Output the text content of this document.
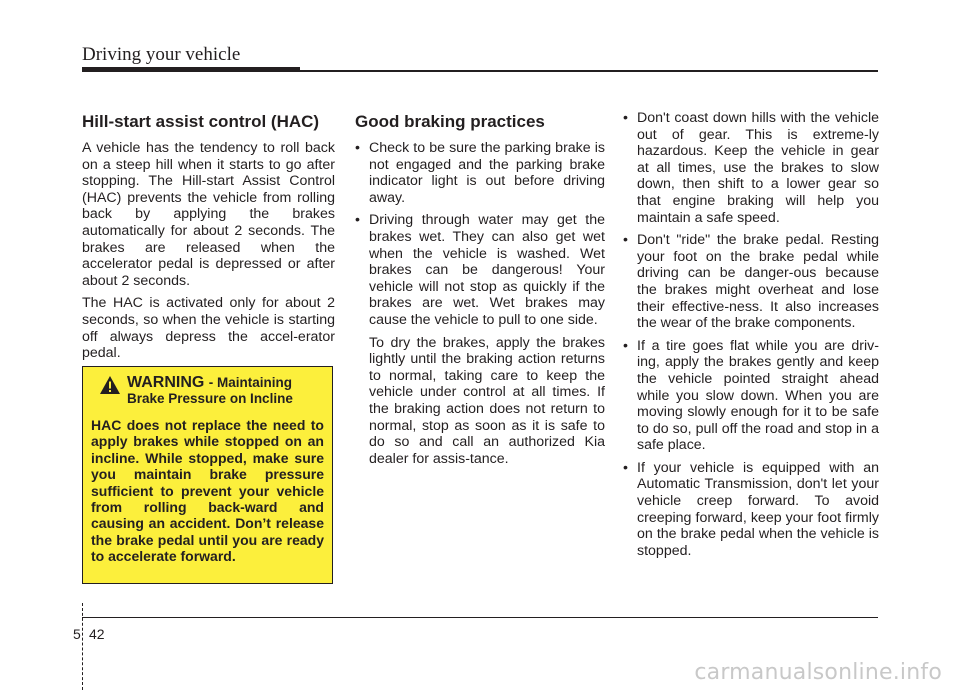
Driving your vehicle
Hill-start assist control (HAC)

A vehicle has the tendency to roll back on a steep hill when it starts to go after stopping. The Hill-start Assist Control (HAC) prevents the vehicle from rolling back by applying the brakes automatically for about 2 seconds. The brakes are released when the accelerator pedal is depressed or after about 2 seconds.

The HAC is activated only for about 2 seconds, so when the vehicle is starting off always depress the accel-erator pedal.

WARNING - Maintaining
Brake Pressure on Incline
HAC does not replace the need to apply brakes while stopped on an incline. While stopped, make sure you maintain brake pressure sufficient to prevent your vehicle from rolling back-ward and causing an accident. Don’t release the brake pedal until you are ready to accelerate forward.
Good braking practices
• Check to be sure the parking brake is not engaged and the parking brake indicator light is out before driving away.
• Driving through water may get the brakes wet. They can also get wet when the vehicle is washed. Wet brakes can be dangerous! Your vehicle will not stop as quickly if the brakes are wet. Wet brakes may cause the vehicle to pull to one side.

To dry the brakes, apply the brakes lightly until the braking action returns to normal, taking care to keep the vehicle under control at all times. If the braking action does not return to normal, stop as soon as it is safe to do so and call an authorized Kia dealer for assis-tance.

• Don't coast down hills with the vehicle out of gear. This is extreme-ly hazardous. Keep the vehicle in gear at all times, use the brakes to slow down, then shift to a lower gear so that engine braking will help you maintain a safe speed.
• Don't "ride" the brake pedal. Resting your foot on the brake pedal while driving can be danger-ous because the brakes might overheat and lose their effective-ness. It also increases the wear of the brake components.
• If a tire goes flat while you are driv-ing, apply the brakes gently and keep the vehicle pointed straight ahead while you slow down. When you are moving slowly enough for it to be safe to do so, pull off the road and stop in a safe place.
• If your vehicle is equipped with an Automatic Transmission, don't let your vehicle creep forward. To avoid creeping forward, keep your foot firmly on the brake pedal when the vehicle is stopped.
5 42
carmanualsonline.info
